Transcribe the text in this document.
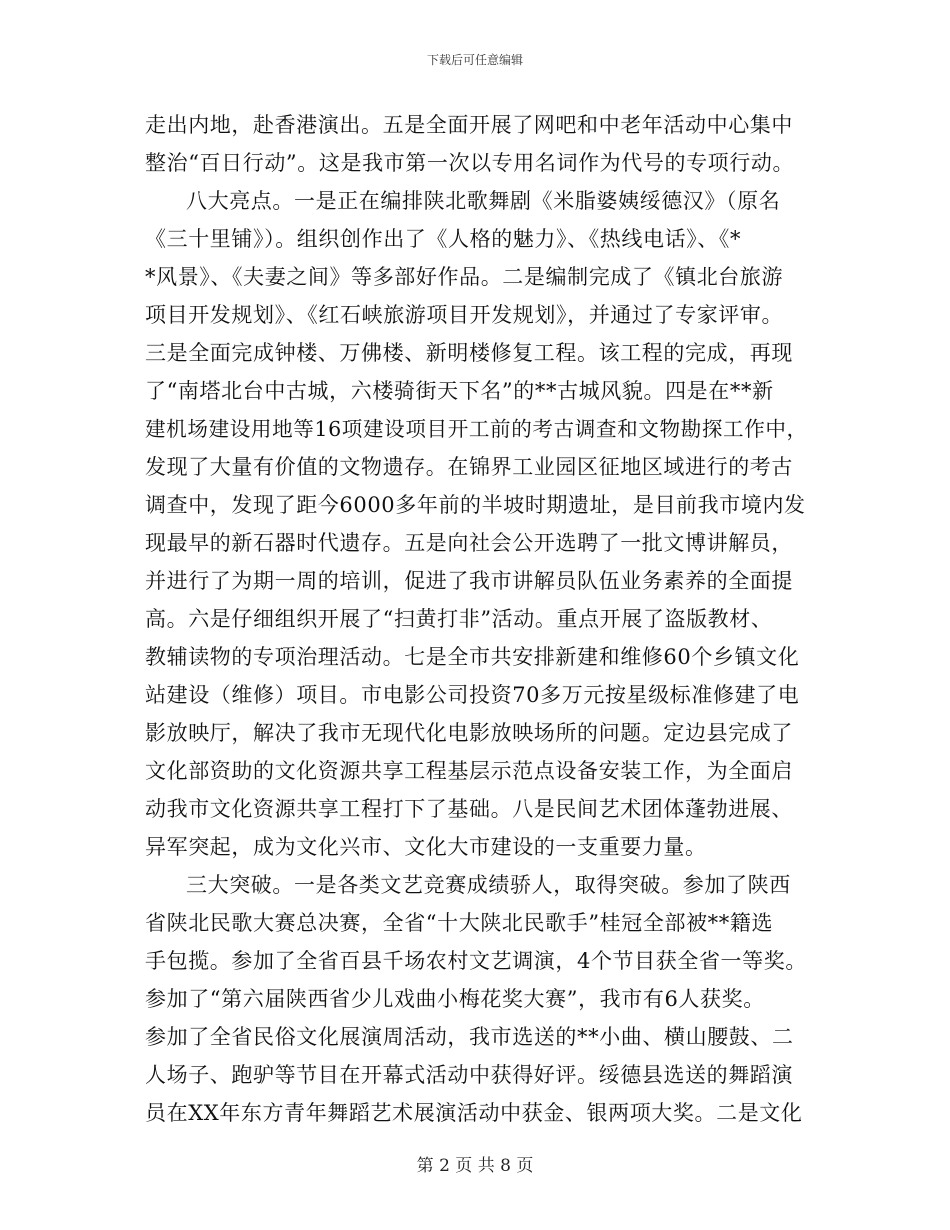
下载后可任意编辑
走出内地，赴香港演出。五是全面开展了网吧和中老年活动中心集中
整治“百日行动”。这是我市第一次以专用名词作为代号的专项行动。
八大亮点。一是正在编排陕北歌舞剧《米脂婆姨绥德汉》（原名
《三十里铺》）。组织创作出了《人格的魅力》、《热线电话》、《*
*风景》、《夫妻之间》等多部好作品。二是编制完成了《镇北台旅游
项目开发规划》、《红石峡旅游项目开发规划》，并通过了专家评审。
三是全面完成钟楼、万佛楼、新明楼修复工程。该工程的完成，再现
了“南塔北台中古城，六楼骑街天下名”的**古城风貌。四是在**新
建机场建设用地等16项建设项目开工前的考古调查和文物勘探工作中，
发现了大量有价值的文物遗存。在锦界工业园区征地区域进行的考古
调查中，发现了距今6000多年前的半坡时期遗址，是目前我市境内发
现最早的新石器时代遗存。五是向社会公开选聘了一批文博讲解员，
并进行了为期一周的培训，促进了我市讲解员队伍业务素养的全面提
高。六是仔细组织开展了“扫黄打非”活动。重点开展了盗版教材、
教辅读物的专项治理活动。七是全市共安排新建和维修60个乡镇文化
站建设（维修）项目。市电影公司投资70多万元按星级标准修建了电
影放映厅，解决了我市无现代化电影放映场所的问题。定边县完成了
文化部资助的文化资源共享工程基层示范点设备安装工作，为全面启
动我市文化资源共享工程打下了基础。八是民间艺术团体蓬勃进展、
异军突起，成为文化兴市、文化大市建设的一支重要力量。
三大突破。一是各类文艺竞赛成绩骄人，取得突破。参加了陕西
省陕北民歌大赛总决赛，全省“十大陕北民歌手”桂冠全部被**籍选
手包揽。参加了全省百县千场农村文艺调演，4个节目获全省一等奖。
参加了“第六届陕西省少儿戏曲小梅花奖大赛”，我市有6人获奖。
参加了全省民俗文化展演周活动，我市选送的**小曲、横山腰鼓、二
人场子、跑驴等节目在开幕式活动中获得好评。绥德县选送的舞蹈演
员在XX年东方青年舞蹈艺术展演活动中获金、银两项大奖。二是文化
第 2 页 共 8 页
